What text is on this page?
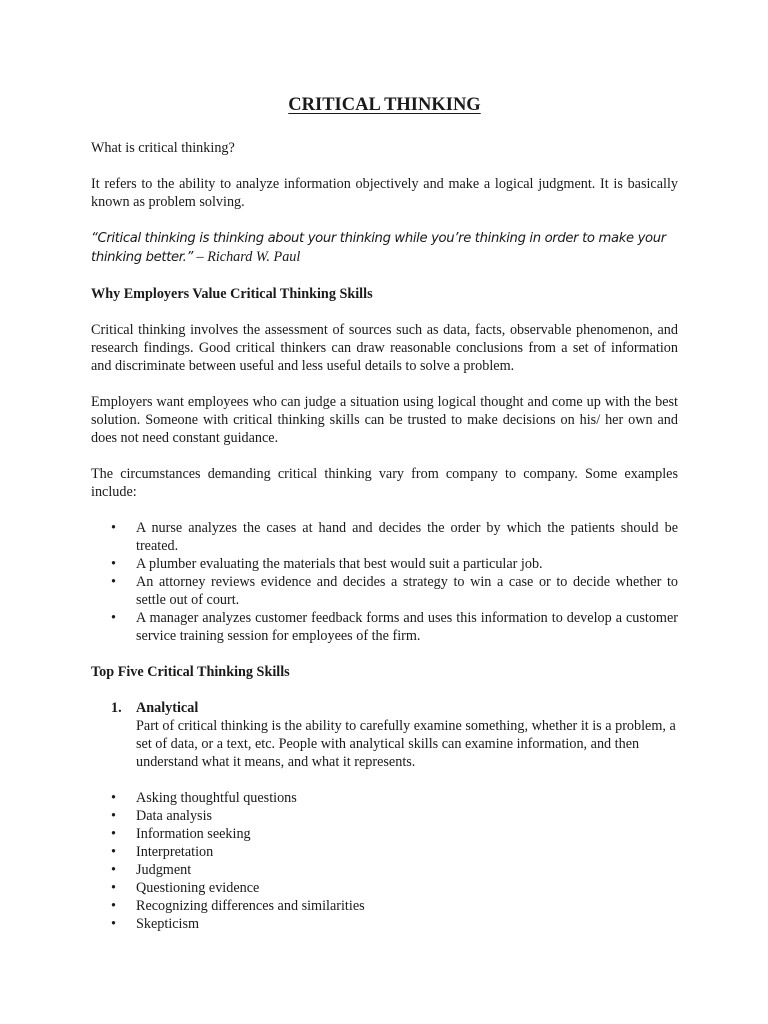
CRITICAL THINKING

What is critical thinking?

It refers to the ability to analyze information objectively and make a logical judgment. It is basically known as problem solving.

“Critical thinking is thinking about your thinking while you’re thinking in order to make your thinking better.” – Richard W. Paul

Why Employers Value Critical Thinking Skills

Critical thinking involves the assessment of sources such as data, facts, observable phenomenon, and research findings. Good critical thinkers can draw reasonable conclusions from a set of information and discriminate between useful and less useful details to solve a problem.

Employers want employees who can judge a situation using logical thought and come up with the best solution. Someone with critical thinking skills can be trusted to make decisions on his/ her own and does not need constant guidance.

The circumstances demanding critical thinking vary from company to company. Some examples include:

• A nurse analyzes the cases at hand and decides the order by which the patients should be treated.
• A plumber evaluating the materials that best would suit a particular job.
• An attorney reviews evidence and decides a strategy to win a case or to decide whether to settle out of court.
• A manager analyzes customer feedback forms and uses this information to develop a customer service training session for employees of the firm.

Top Five Critical Thinking Skills

1. Analytical
Part of critical thinking is the ability to carefully examine something, whether it is a problem, a set of data, or a text, etc. People with analytical skills can examine information, and then understand what it means, and what it represents.
• Asking thoughtful questions
• Data analysis
• Information seeking
• Interpretation
• Judgment
• Questioning evidence
• Recognizing differences and similarities
• Skepticism
